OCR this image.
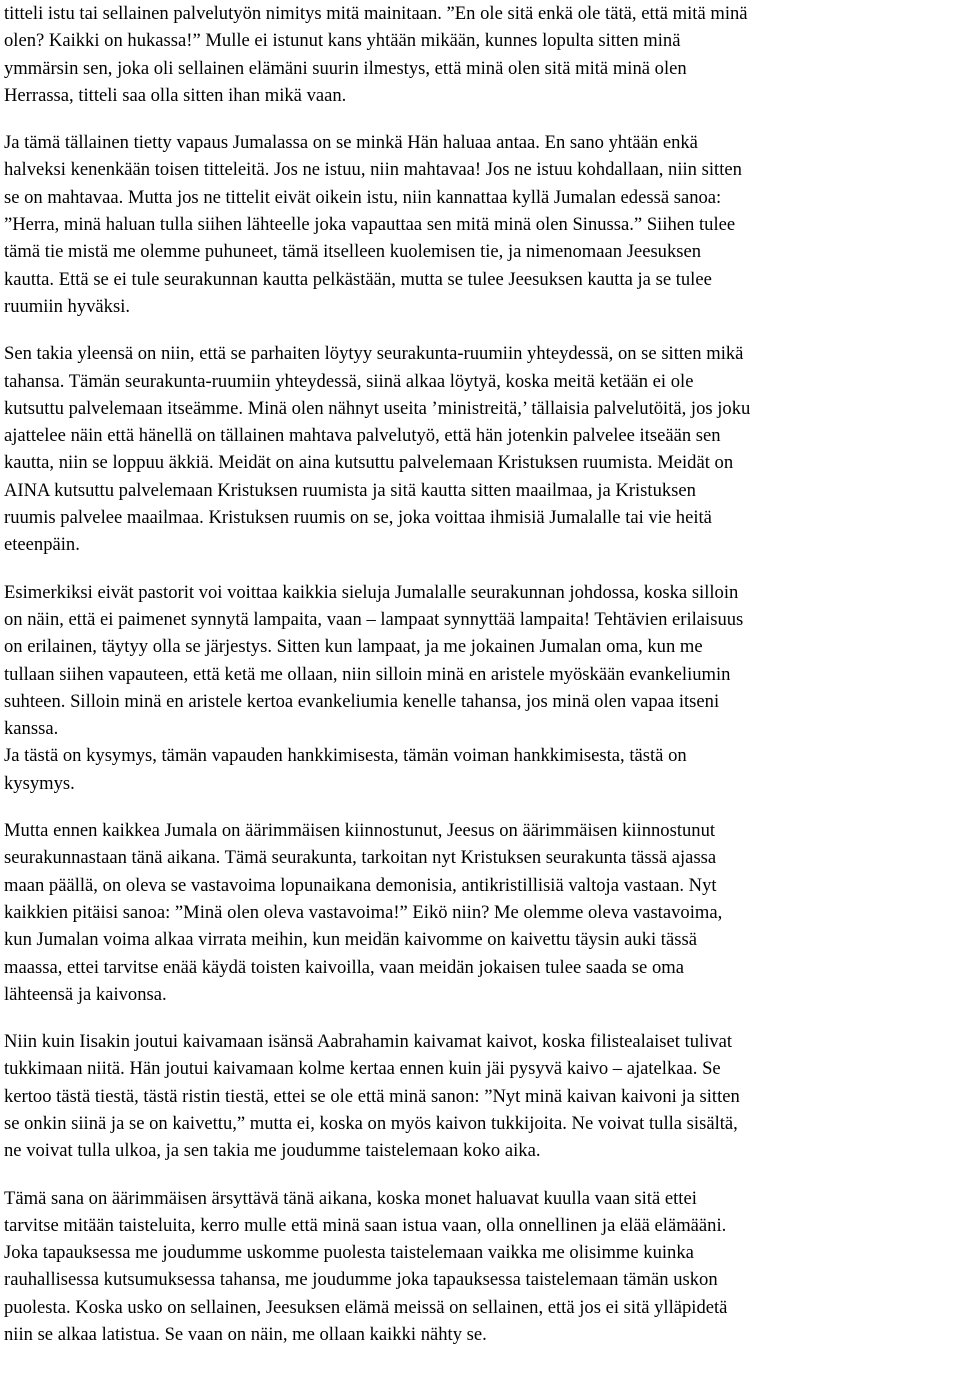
titteli istu tai sellainen palvelutyön nimitys mitä mainitaan. ”En ole sitä enkä ole tätä, että mitä minä
olen? Kaikki on hukassa!” Mulle ei istunut kans yhtään mikään, kunnes lopulta sitten minä
ymmärsin sen, joka oli sellainen elämäni suurin ilmestys, että minä olen sitä mitä minä olen
Herrassa, titteli saa olla sitten ihan mikä vaan.
Ja tämä tällainen tietty vapaus Jumalassa on se minkä Hän haluaa antaa. En sano yhtään enkä
halveksi kenenkään toisen titteleitä. Jos ne istuu, niin mahtavaa! Jos ne istuu kohdallaan, niin sitten
se on mahtavaa. Mutta jos ne tittelit eivät oikein istu, niin kannattaa kyllä Jumalan edessä sanoa:
”Herra, minä haluan tulla siihen lähteelle joka vapauttaa sen mitä minä olen Sinussa.” Siihen tulee
tämä tie mistä me olemme puhuneet, tämä itselleen kuolemisen tie, ja nimenomaan Jeesuksen
kautta. Että se ei tule seurakunnan kautta pelkästään, mutta se tulee Jeesuksen kautta ja se tulee
ruumiin hyväksi.
Sen takia yleensä on niin, että se parhaiten löytyy seurakunta-ruumiin yhteydessä, on se sitten mikä
tahansa. Tämän seurakunta-ruumiin yhteydessä, siinä alkaa löytyä, koska meitä ketään ei ole
kutsuttu palvelemaan itseämme. Minä olen nähnyt useita ’ministreitä,’ tällaisia palvelutöitä, jos joku
ajattelee näin että hänellä on tällainen mahtava palvelutyö, että hän jotenkin palvelee itseään sen
kautta, niin se loppuu äkkiä. Meidät on aina kutsuttu palvelemaan Kristuksen ruumista. Meidät on
AINA kutsuttu palvelemaan Kristuksen ruumista ja sitä kautta sitten maailmaa, ja Kristuksen
ruumis palvelee maailmaa. Kristuksen ruumis on se, joka voittaa ihmisiä Jumalalle tai vie heitä
eteenpäin.
Esimerkiksi eivät pastorit voi voittaa kaikkia sieluja Jumalalle seurakunnan johdossa, koska silloin
on näin, että ei paimenet synnytä lampaita, vaan – lampaat synnyttää lampaita! Tehtävien erilaisuus
on erilainen, täytyy olla se järjestys. Sitten kun lampaat, ja me jokainen Jumalan oma, kun me
tullaan siihen vapauteen, että ketä me ollaan, niin silloin minä en aristele myöskään evankeliumin
suhteen. Silloin minä en aristele kertoa evankeliumia kenelle tahansa, jos minä olen vapaa itseni
kanssa.
Ja tästä on kysymys, tämän vapauden hankkimisesta, tämän voiman hankkimisesta, tästä on
kysymys.
Mutta ennen kaikkea Jumala on äärimmäisen kiinnostunut, Jeesus on äärimmäisen kiinnostunut
seurakunnastaan tänä aikana. Tämä seurakunta, tarkoitan nyt Kristuksen seurakunta tässä ajassa
maan päällä, on oleva se vastavoima lopunaikana demonisia, antikristillisiä valtoja vastaan. Nyt
kaikkien pitäisi sanoa: ”Minä olen oleva vastavoima!” Eikö niin? Me olemme oleva vastavoima,
kun Jumalan voima alkaa virrata meihin, kun meidän kaivomme on kaivettu täysin auki tässä
maassa, ettei tarvitse enää käydä toisten kaivoilla, vaan meidän jokaisen tulee saada se oma
lähteensä ja kaivonsa.
Niin kuin Iisakin joutui kaivamaan isänsä Aabrahamin kaivamat kaivot, koska filistealaiset tulivat
tukkimaan niitä. Hän joutui kaivamaan kolme kertaa ennen kuin jäi pysyvä kaivo – ajatelkaa. Se
kertoo tästä tiestä, tästä ristin tiestä, ettei se ole että minä sanon: ”Nyt minä kaivan kaivoni ja sitten
se onkin siinä ja se on kaivettu,” mutta ei, koska on myös kaivon tukkijoita. Ne voivat tulla sisältä,
ne voivat tulla ulkoa, ja sen takia me joudumme taistelemaan koko aika.
Tämä sana on äärimmäisen ärsyttävä tänä aikana, koska monet haluavat kuulla vaan sitä ettei
tarvitse mitään taisteluita, kerro mulle että minä saan istua vaan, olla onnellinen ja elää elämääni.
Joka tapauksessa me joudumme uskomme puolesta taistelemaan vaikka me olisimme kuinka
rauhallisessa kutsumuksessa tahansa, me joudumme joka tapauksessa taistelemaan tämän uskon
puolesta. Koska usko on sellainen, Jeesuksen elämä meissä on sellainen, että jos ei sitä ylläpidetä
niin se alkaa latistua. Se vaan on näin, me ollaan kaikki nähty se.
